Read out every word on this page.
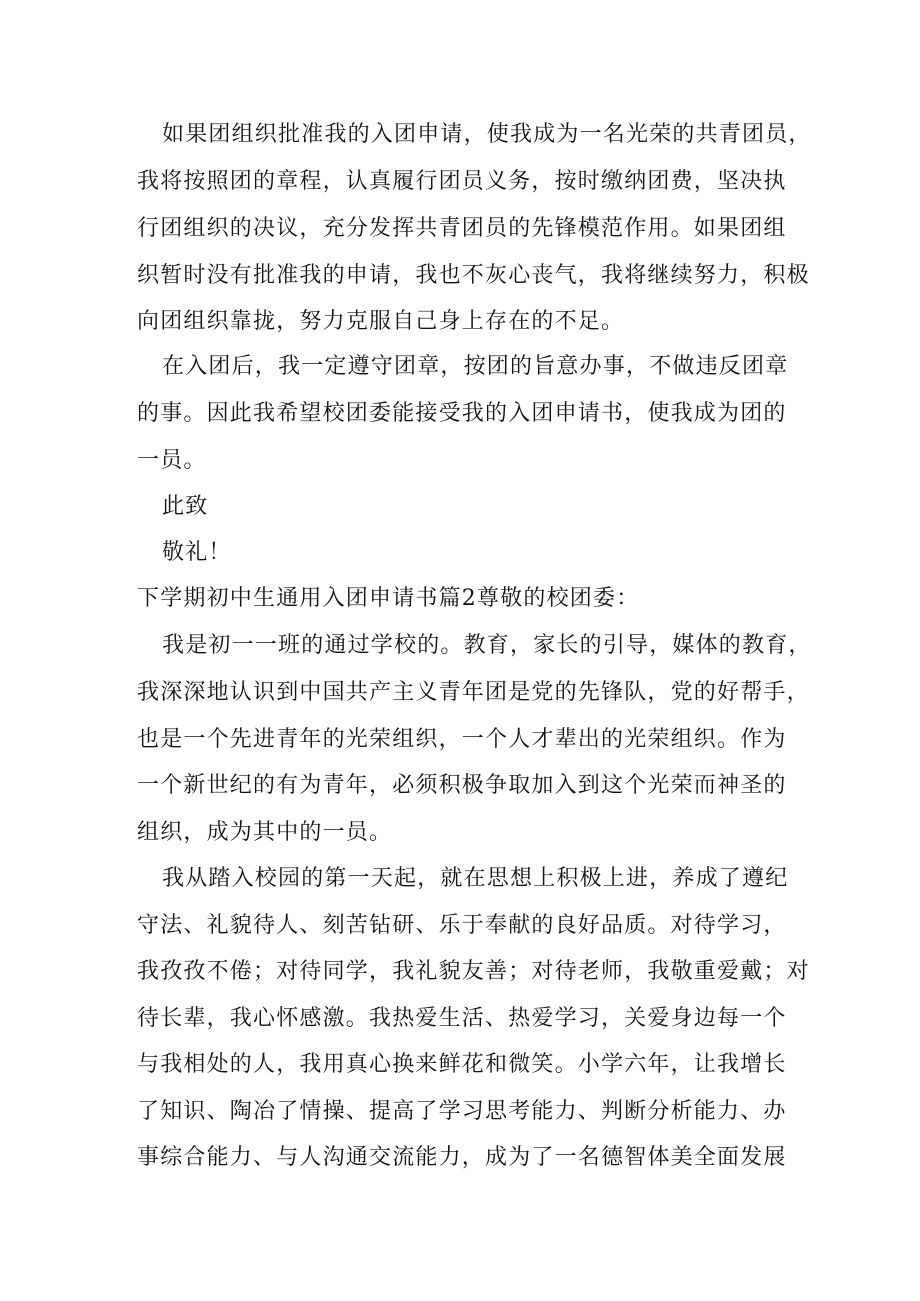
如果团组织批准我的入团申请，使我成为一名光荣的共青团员，
我将按照团的章程，认真履行团员义务，按时缴纳团费，坚决执
行团组织的决议，充分发挥共青团员的先锋模范作用。如果团组
织暂时没有批准我的申请，我也不灰心丧气，我将继续努力，积极
向团组织靠拢，努力克服自己身上存在的不足。
在入团后，我一定遵守团章，按团的旨意办事，不做违反团章
的事。因此我希望校团委能接受我的入团申请书，使我成为团的
一员。
此致
敬礼！
下学期初中生通用入团申请书篇2尊敬的校团委：
我是初一一班的通过学校的。教育，家长的引导，媒体的教育，
我深深地认识到中国共产主义青年团是党的先锋队，党的好帮手，
也是一个先进青年的光荣组织，一个人才辈出的光荣组织。作为
一个新世纪的有为青年，必须积极争取加入到这个光荣而神圣的
组织，成为其中的一员。
我从踏入校园的第一天起，就在思想上积极上进，养成了遵纪
守法、礼貌待人、刻苦钻研、乐于奉献的良好品质。对待学习，
我孜孜不倦；对待同学，我礼貌友善；对待老师，我敬重爱戴；对
待长辈，我心怀感激。我热爱生活、热爱学习，关爱身边每一个
与我相处的人，我用真心换来鲜花和微笑。小学六年，让我增长
了知识、陶冶了情操、提高了学习思考能力、判断分析能力、办
事综合能力、与人沟通交流能力，成为了一名德智体美全面发展
